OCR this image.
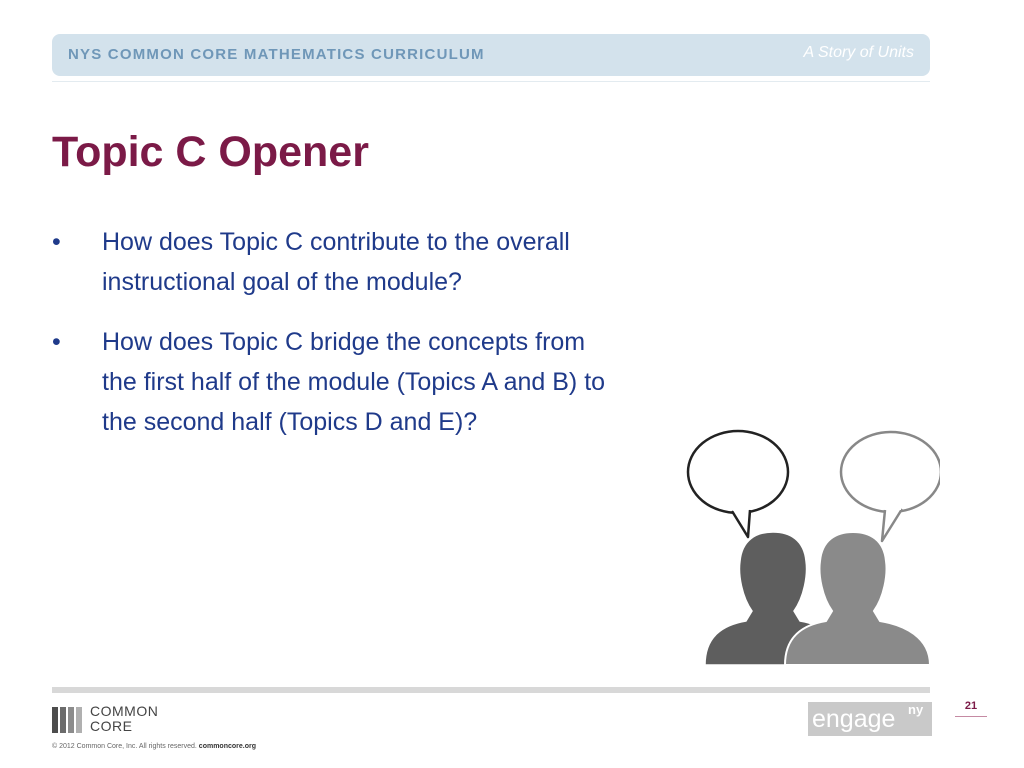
NYS COMMON CORE MATHEMATICS CURRICULUM	A Story of Units
Topic C Opener
• How does Topic C contribute to the overall instructional goal of the module?
• How does Topic C bridge the concepts from the first half of the module (Topics A and B) to the second half (Topics D and E)?
COMMON
CORE
© 2012 Common Core, Inc. All rights reserved. commoncore.org
engage ny	21
